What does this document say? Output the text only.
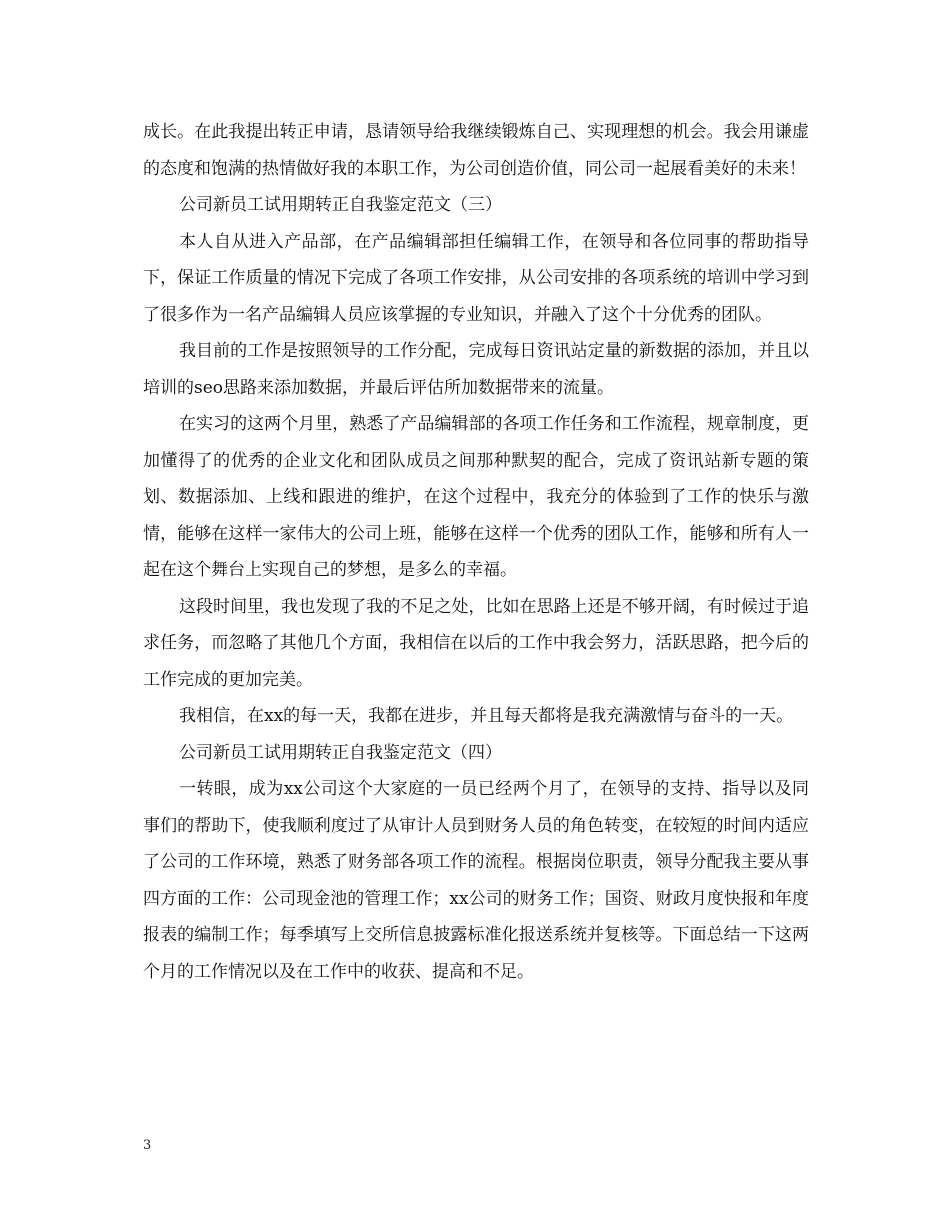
成长。在此我提出转正申请，恳请领导给我继续锻炼自己、实现理想的机会。我会用谦虚的态度和饱满的热情做好我的本职工作，为公司创造价值，同公司一起展看美好的未来！

公司新员工试用期转正自我鉴定范文（三）

本人自从进入产品部，在产品编辑部担任编辑工作，在领导和各位同事的帮助指导下，保证工作质量的情况下完成了各项工作安排，从公司安排的各项系统的培训中学习到了很多作为一名产品编辑人员应该掌握的专业知识，并融入了这个十分优秀的团队。

我目前的工作是按照领导的工作分配，完成每日资讯站定量的新数据的添加，并且以培训的seo思路来添加数据，并最后评估所加数据带来的流量。

在实习的这两个月里，熟悉了产品编辑部的各项工作任务和工作流程，规章制度，更加懂得了的优秀的企业文化和团队成员之间那种默契的配合，完成了资讯站新专题的策划、数据添加、上线和跟进的维护，在这个过程中，我充分的体验到了工作的快乐与激情，能够在这样一家伟大的公司上班，能够在这样一个优秀的团队工作，能够和所有人一起在这个舞台上实现自己的梦想，是多么的幸福。

这段时间里，我也发现了我的不足之处，比如在思路上还是不够开阔，有时候过于追求任务，而忽略了其他几个方面，我相信在以后的工作中我会努力，活跃思路，把今后的工作完成的更加完美。

我相信，在xx的每一天，我都在进步，并且每天都将是我充满激情与奋斗的一天。

公司新员工试用期转正自我鉴定范文（四）

一转眼，成为xx公司这个大家庭的一员已经两个月了，在领导的支持、指导以及同事们的帮助下，使我顺利度过了从审计人员到财务人员的角色转变，在较短的时间内适应了公司的工作环境，熟悉了财务部各项工作的流程。根据岗位职责，领导分配我主要从事四方面的工作：公司现金池的管理工作；xx公司的财务工作；国资、财政月度快报和年度报表的编制工作；每季填写上交所信息披露标准化报送系统并复核等。下面总结一下这两个月的工作情况以及在工作中的收获、提高和不足。

3
